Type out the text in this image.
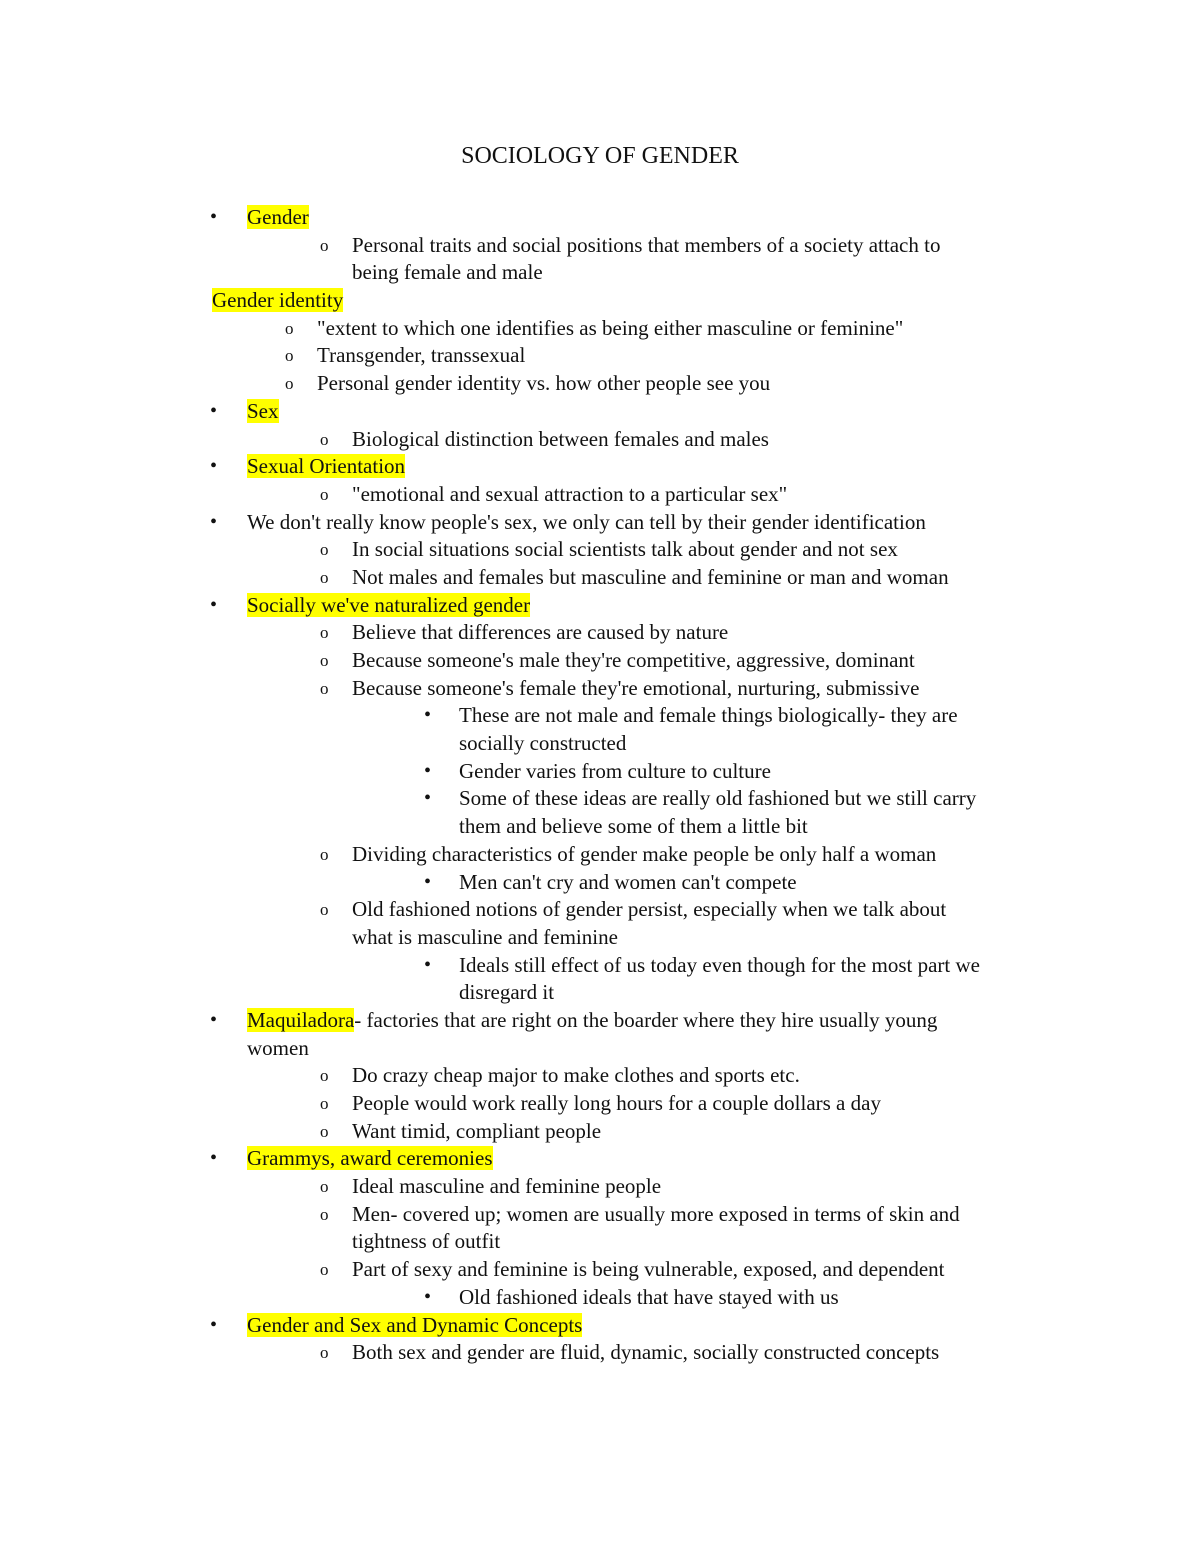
SOCIOLOGY OF GENDER
• Gender
o Personal traits and social positions that members of a society attach to
being female and male
Gender identity
o "extent to which one identifies as being either masculine or feminine"
o Transgender, transsexual
o Personal gender identity vs. how other people see you
• Sex
o Biological distinction between females and males
• Sexual Orientation
o "emotional and sexual attraction to a particular sex"
• We don't really know people's sex, we only can tell by their gender identification
o In social situations social scientists talk about gender and not sex
o Not males and females but masculine and feminine or man and woman
• Socially we've naturalized gender
o Believe that differences are caused by nature
o Because someone's male they're competitive, aggressive, dominant
o Because someone's female they're emotional, nurturing, submissive
• These are not male and female things biologically- they are
socially constructed
• Gender varies from culture to culture
• Some of these ideas are really old fashioned but we still carry
them and believe some of them a little bit
o Dividing characteristics of gender make people be only half a woman
• Men can't cry and women can't compete
o Old fashioned notions of gender persist, especially when we talk about
what is masculine and feminine
• Ideals still effect of us today even though for the most part we
disregard it
• Maquiladora- factories that are right on the boarder where they hire usually young
women
o Do crazy cheap major to make clothes and sports etc.
o People would work really long hours for a couple dollars a day
o Want timid, compliant people
• Grammys, award ceremonies
o Ideal masculine and feminine people
o Men- covered up; women are usually more exposed in terms of skin and
tightness of outfit
o Part of sexy and feminine is being vulnerable, exposed, and dependent
• Old fashioned ideals that have stayed with us
• Gender and Sex and Dynamic Concepts
o Both sex and gender are fluid, dynamic, socially constructed concepts
